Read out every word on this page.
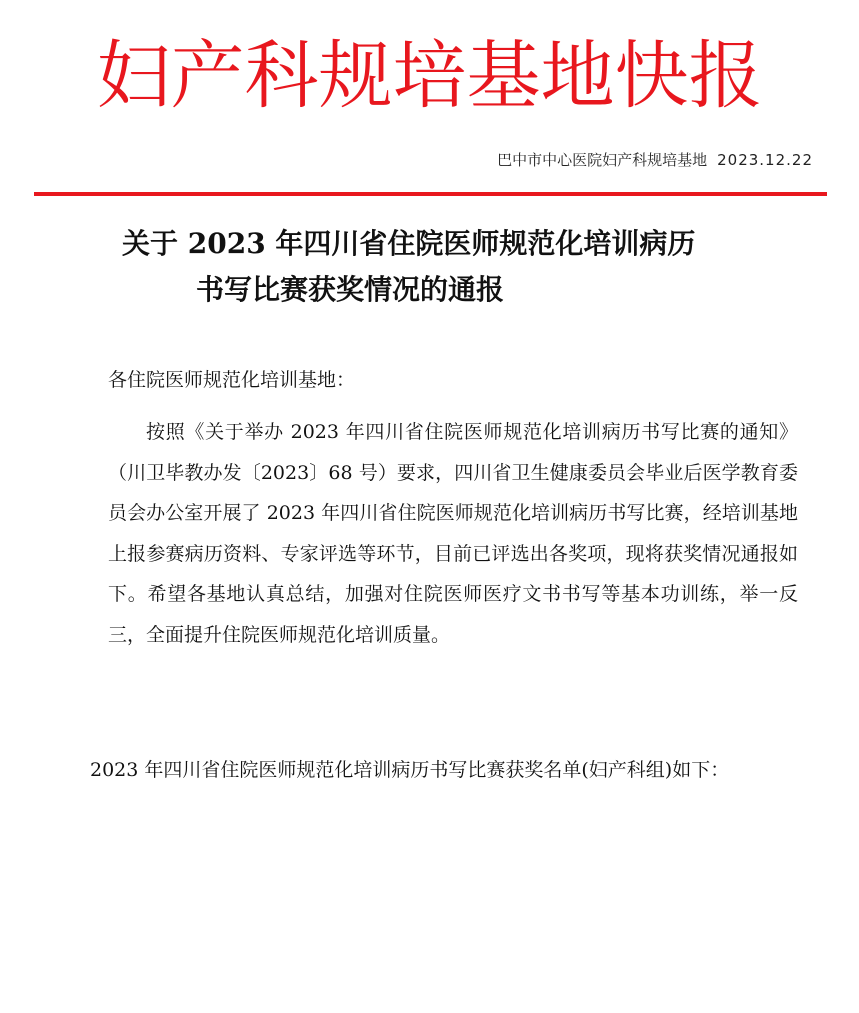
妇产科规培基地快报
巴中市中心医院妇产科规培基地 2023.12.22
关于 2023 年四川省住院医师规范化培训病历
书写比赛获奖情况的通报
各住院医师规范化培训基地：
按照《关于举办 2023 年四川省住院医师规范化培训病历书写比赛的通知》（川卫毕教办发〔2023〕68 号）要求，四川省卫生健康委员会毕业后医学教育委员会办公室开展了 2023 年四川省住院医师规范化培训病历书写比赛，经培训基地上报参赛病历资料、专家评选等环节，目前已评选出各奖项，现将获奖情况通报如下。希望各基地认真总结，加强对住院医师医疗文书书写等基本功训练，举一反三，全面提升住院医师规范化培训质量。
2023 年四川省住院医师规范化培训病历书写比赛获奖名单(妇产科组)如下：
